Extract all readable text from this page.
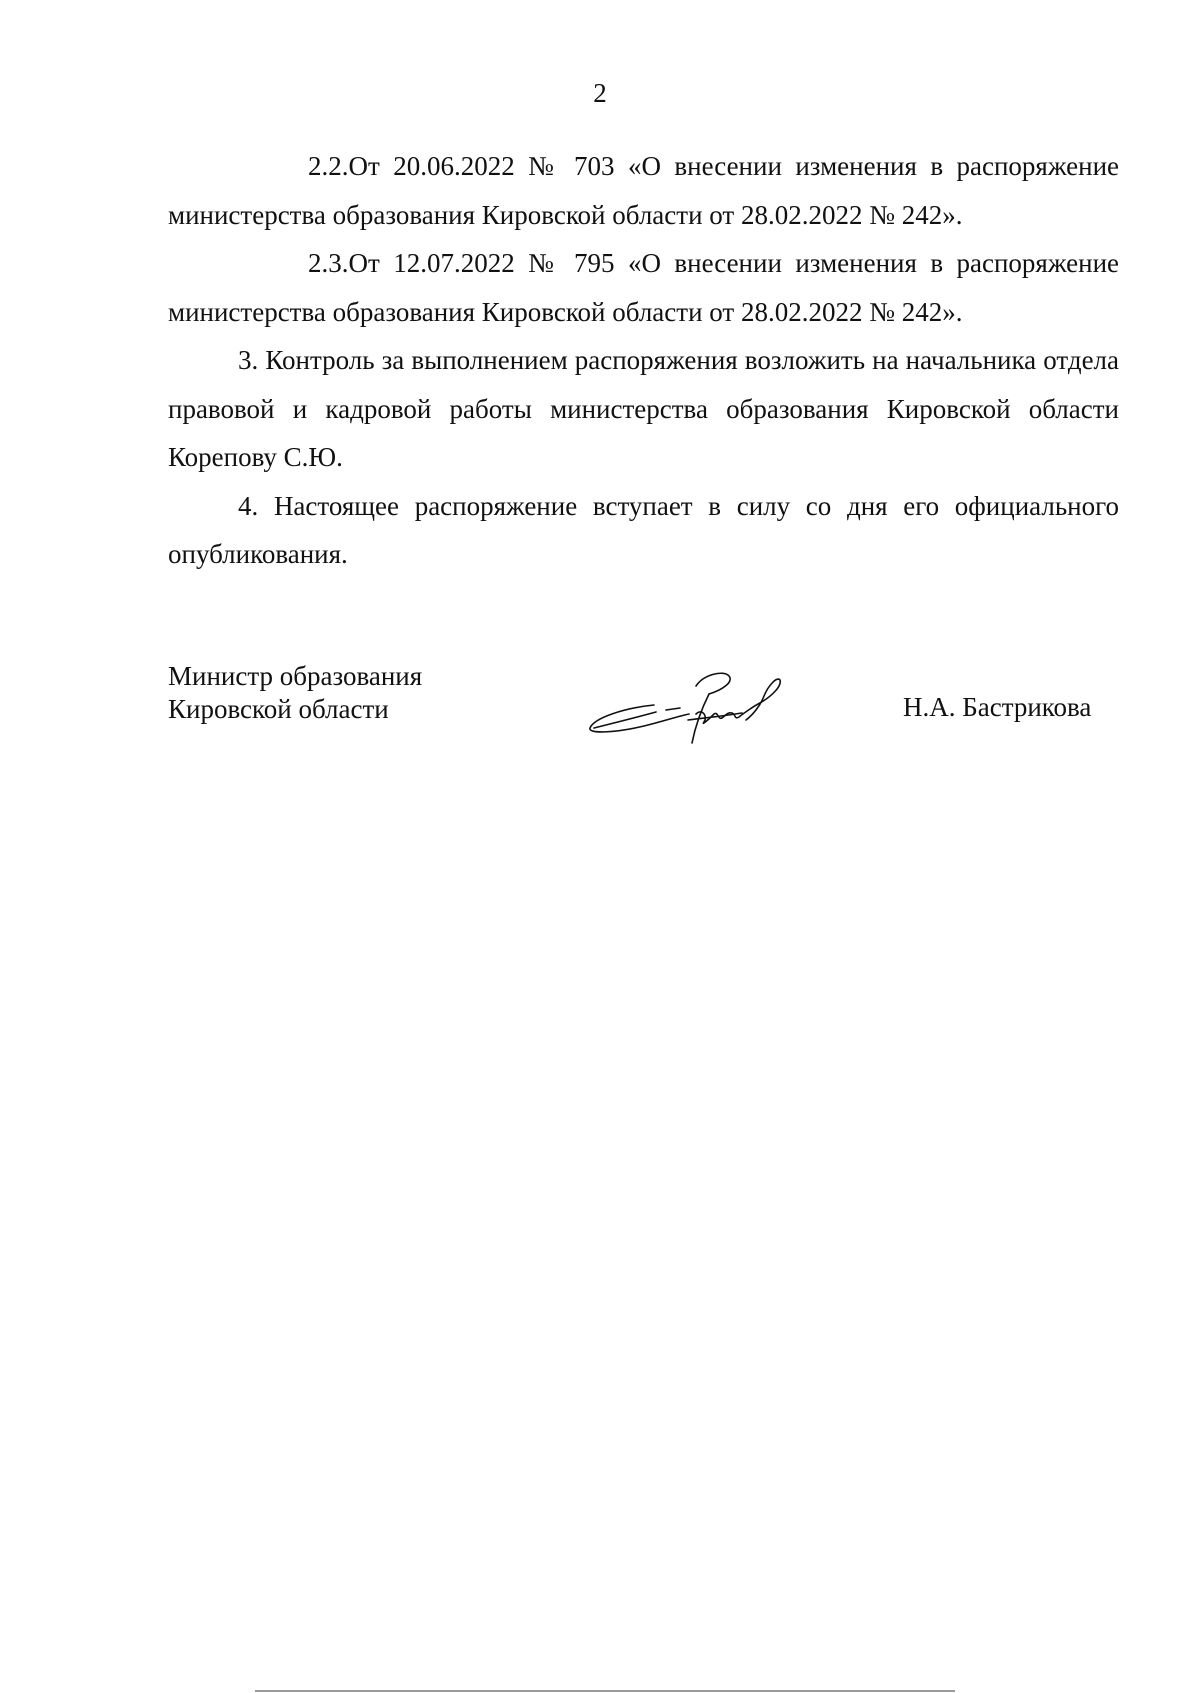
2

2.2.От 20.06.2022 № 703 «О внесении изменения в распоряжение министерства образования Кировской области от 28.02.2022 № 242».

2.3.От 12.07.2022 № 795 «О внесении изменения в распоряжение министерства образования Кировской области от 28.02.2022 № 242».

3. Контроль за выполнением распоряжения возложить на начальника отдела правовой и кадровой работы министерства образования Кировской области Корепову С.Ю.

4. Настоящее распоряжение вступает в силу со дня его официального опубликования.

Министр образования
Кировской области	Н.А. Бастрикова
